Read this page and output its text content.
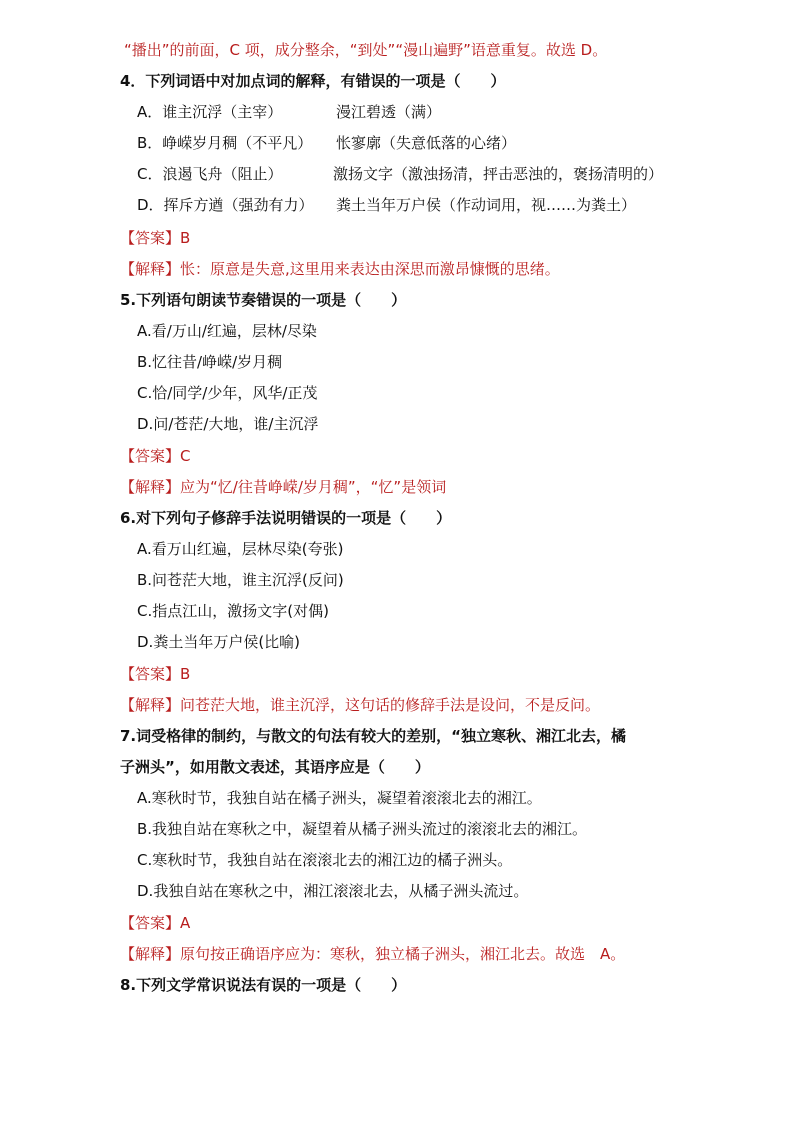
“播出”的前面，C 项，成分整余，“到处”“漫山遍野”语意重复。故选 D。
4．下列词语中对加点词的解释，有错误的一项是（　　）
A．谁主沉浮（主宰）	漫江碧透（满）
B．峥嵘岁月稠（不平凡） 怅寥廓（失意低落的心绪）
C．浪遏飞舟（阻止）	激扬文字（激浊扬清，抨击恶浊的，褒扬清明的）
D．挥斥方遒（强劲有力） 粪土当年万户侯（作动词用，视……为粪土）
【答案】B
【解释】怅：原意是失意,这里用来表达由深思而激昂慷慨的思绪。
5.下列语句朗读节奏错误的一项是（　　）
A.看/万山/红遍，层林/尽染
B.忆往昔/峥嵘/岁月稠
C.恰/同学/少年，风华/正茂
D.问/苍茫/大地，谁/主沉浮
【答案】C
【解释】应为“忆/往昔峥嵘/岁月稠”，“忆”是领词
6.对下列句子修辞手法说明错误的一项是（　　）
A.看万山红遍，层林尽染(夸张)
B.问苍茫大地，谁主沉浮(反问)
C.指点江山，激扬文字(对偶)
D.粪土当年万户侯(比喻)
【答案】B
【解释】问苍茫大地，谁主沉浮，这句话的修辞手法是设问，不是反问。
7.词受格律的制约，与散文的句法有较大的差别，“独立寒秋、湘江北去，橘
子洲头”，如用散文表述，其语序应是（　　）
A.寒秋时节，我独自站在橘子洲头，凝望着滚滚北去的湘江。
B.我独自站在寒秋之中，凝望着从橘子洲头流过的滚滚北去的湘江。
C.寒秋时节，我独自站在滚滚北去的湘江边的橘子洲头。
D.我独自站在寒秋之中，湘江滚滚北去，从橘子洲头流过。
【答案】A
【解释】原句按正确语序应为：寒秋，独立橘子洲头，湘江北去。故选　A。
8.下列文学常识说法有误的一项是（　　）
